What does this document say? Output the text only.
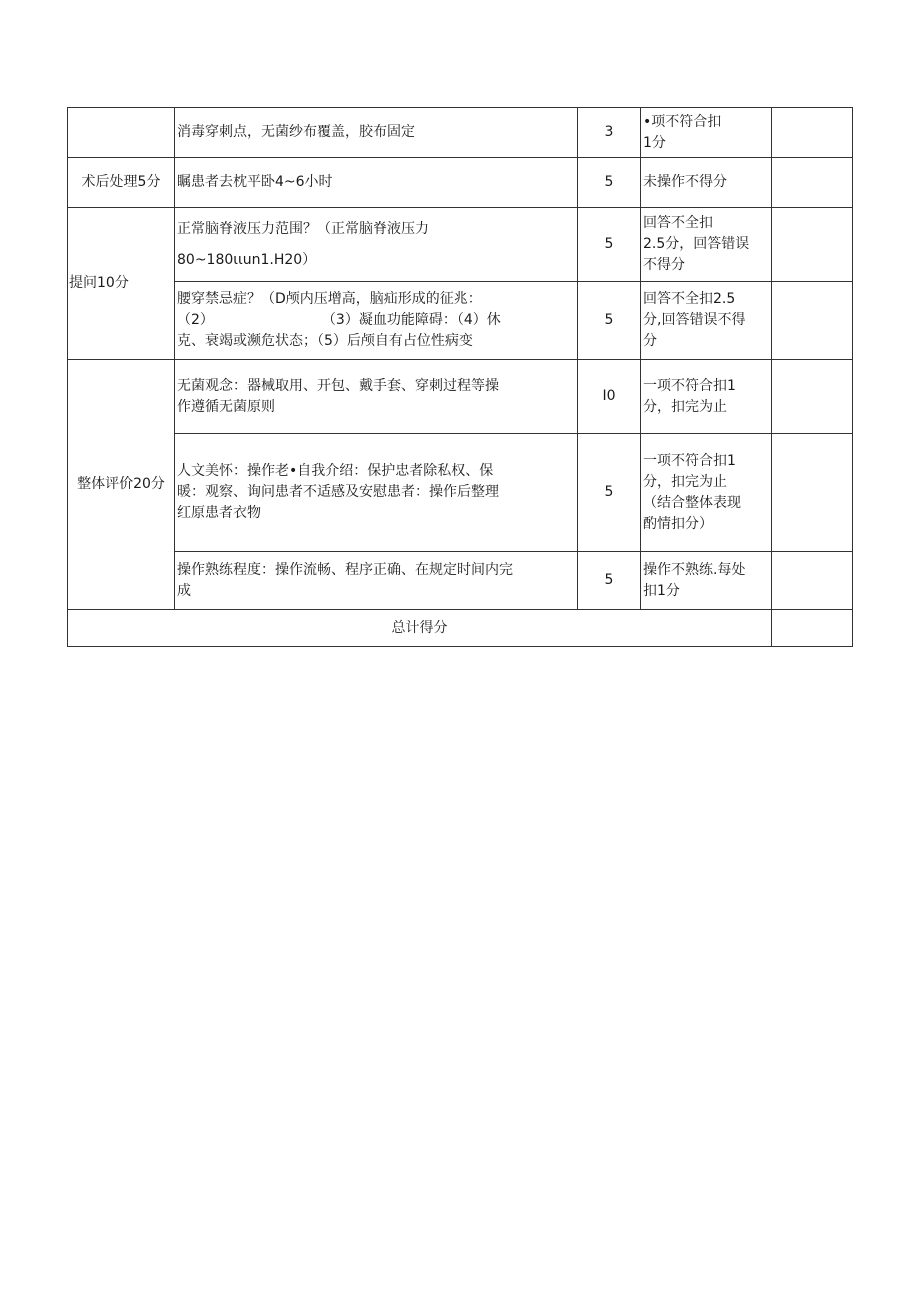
	消毒穿刺点，无菌纱布覆盖，胶布固定	3	•项不符合扣
1分	

术后处理5分	瞩患者去枕平卧4~6小时	5	未操作不得分	
提问10分	正常脑脊液压力范围？（正常脑脊液压力
80~180ιιun1.H20）	5	回答不全扣
2.5分，回答错误
不得分	

	腰穿禁忌症？（D颅内压增高，脑疝形成的征兆：
（2） （3）凝血功能障碍：（4）休
克、衰竭或濒危状态；（5）后颅自有占位性病变	5	回答不全扣2.5
分,回答错误不得
分	

整体评价20分	无菌观念：器械取用、开包、戴手套、穿刺过程等操
作遵循无菌原则	I0	一项不符合扣1
分，扣完为止	

	人文美怀：操作老•自我介绍：保护忠者除私权、保
暖：观察、询问患者不适感及安慰患者：操作后整理
红原患者衣物	5	一项不符合扣1
分，扣完为止
（结合整体表现
酌情扣分）	

	操作熟练程度：操作流畅、程序正确、在规定时间内完
成	5	操作不熟练.每处
扣1分	

总计得分				
